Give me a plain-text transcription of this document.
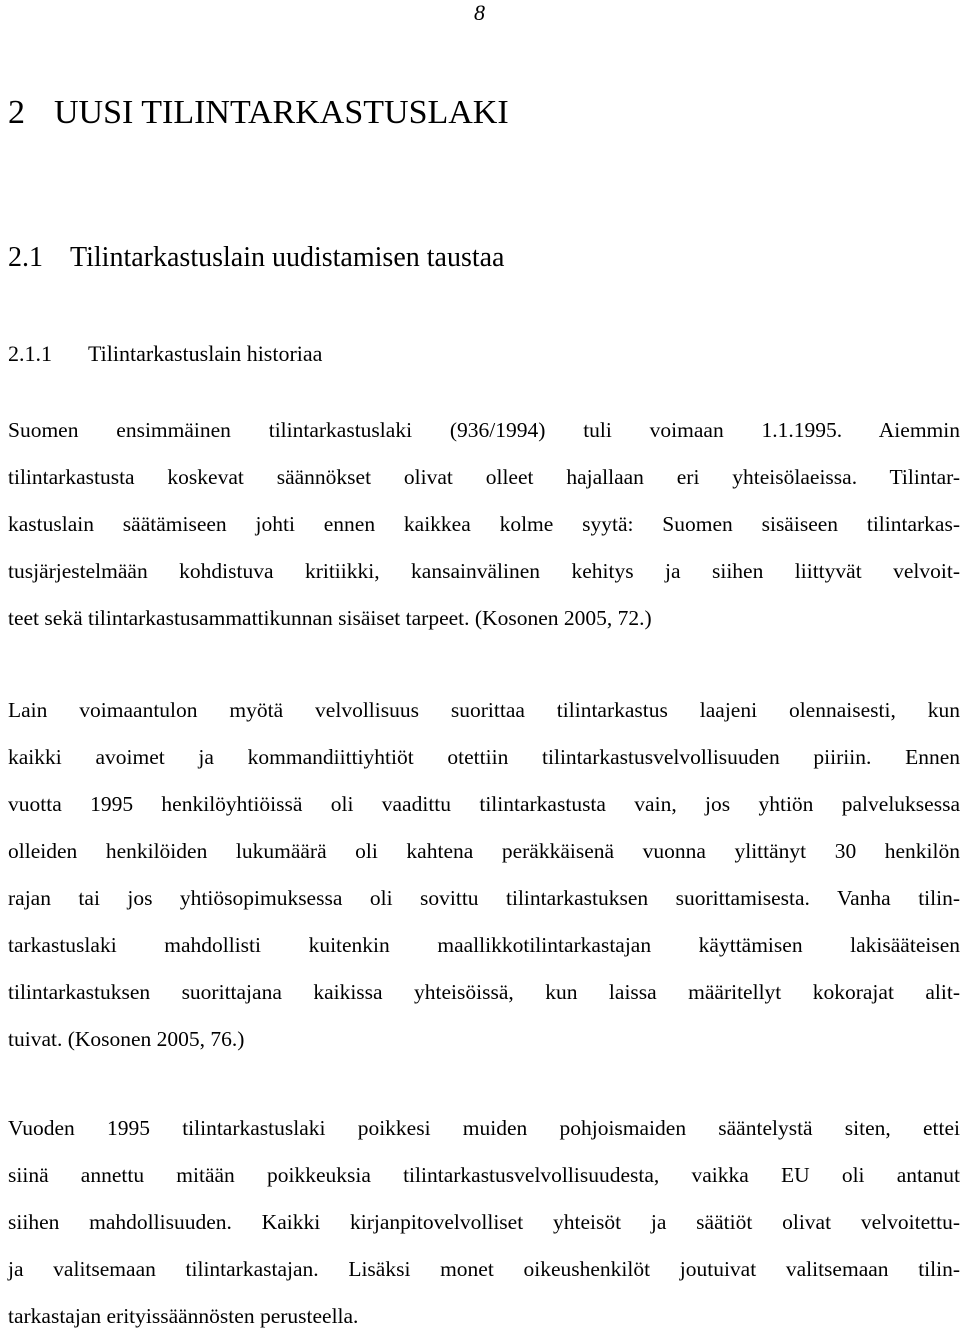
8
2 UUSI TILINTARKASTUSLAKI
2.1 Tilintarkastuslain uudistamisen taustaa
2.1.1 Tilintarkastuslain historiaa
Suomen ensimmäinen tilintarkastuslaki (936/1994) tuli voimaan 1.1.1995. Aiemmin
tilintarkastusta koskevat säännökset olivat olleet hajallaan eri yhteisölaeissa. Tilintar-
kastuslain säätämiseen johti ennen kaikkea kolme syytä: Suomen sisäiseen tilintarkas-
tusjärjestelmään kohdistuva kritiikki, kansainvälinen kehitys ja siihen liittyvät velvoit-
teet sekä tilintarkastusammattikunnan sisäiset tarpeet. (Kosonen 2005, 72.)
Lain voimaantulon myötä velvollisuus suorittaa tilintarkastus laajeni olennaisesti, kun
kaikki avoimet ja kommandiittiyhtiöt otettiin tilintarkastusvelvollisuuden piiriin. Ennen
vuotta 1995 henkilöyhtiöissä oli vaadittu tilintarkastusta vain, jos yhtiön palveluksessa
olleiden henkilöiden lukumäärä oli kahtena peräkkäisenä vuonna ylittänyt 30 henkilön
rajan tai jos yhtiösopimuksessa oli sovittu tilintarkastuksen suorittamisesta. Vanha tilin-
tarkastuslaki mahdollisti kuitenkin maallikkotilintarkastajan käyttämisen lakisääteisen
tilintarkastuksen suorittajana kaikissa yhteisöissä, kun laissa määritellyt kokorajat alit-
tuivat. (Kosonen 2005, 76.)
Vuoden 1995 tilintarkastuslaki poikkesi muiden pohjoismaiden sääntelystä siten, ettei
siinä annettu mitään poikkeuksia tilintarkastusvelvollisuudesta, vaikka EU oli antanut
siihen mahdollisuuden. Kaikki kirjanpitovelvolliset yhteisöt ja säätiöt olivat velvoitettu-
ja valitsemaan tilintarkastajan. Lisäksi monet oikeushenkilöt joutuivat valitsemaan tilin-
tarkastajan erityissäännösten perusteella.
